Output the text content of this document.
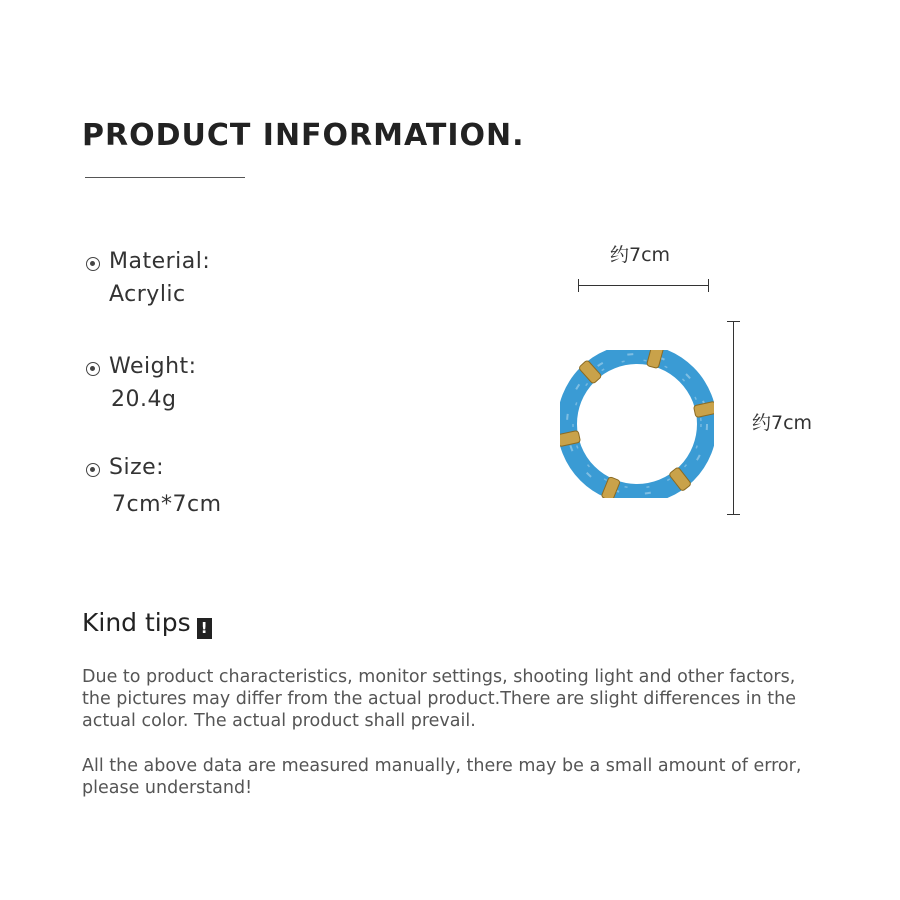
PRODUCT INFORMATION.
Material:
Acrylic
Weight:
20.4g
Size:
7cm*7cm
约7cm
约7cm
Kind tips !
Due to product characteristics, monitor settings, shooting light and other factors, the pictures may differ from the actual product.There are slight differences in the actual color. The actual product shall prevail.
All the above data are measured manually, there may be a small amount of error, please understand!
